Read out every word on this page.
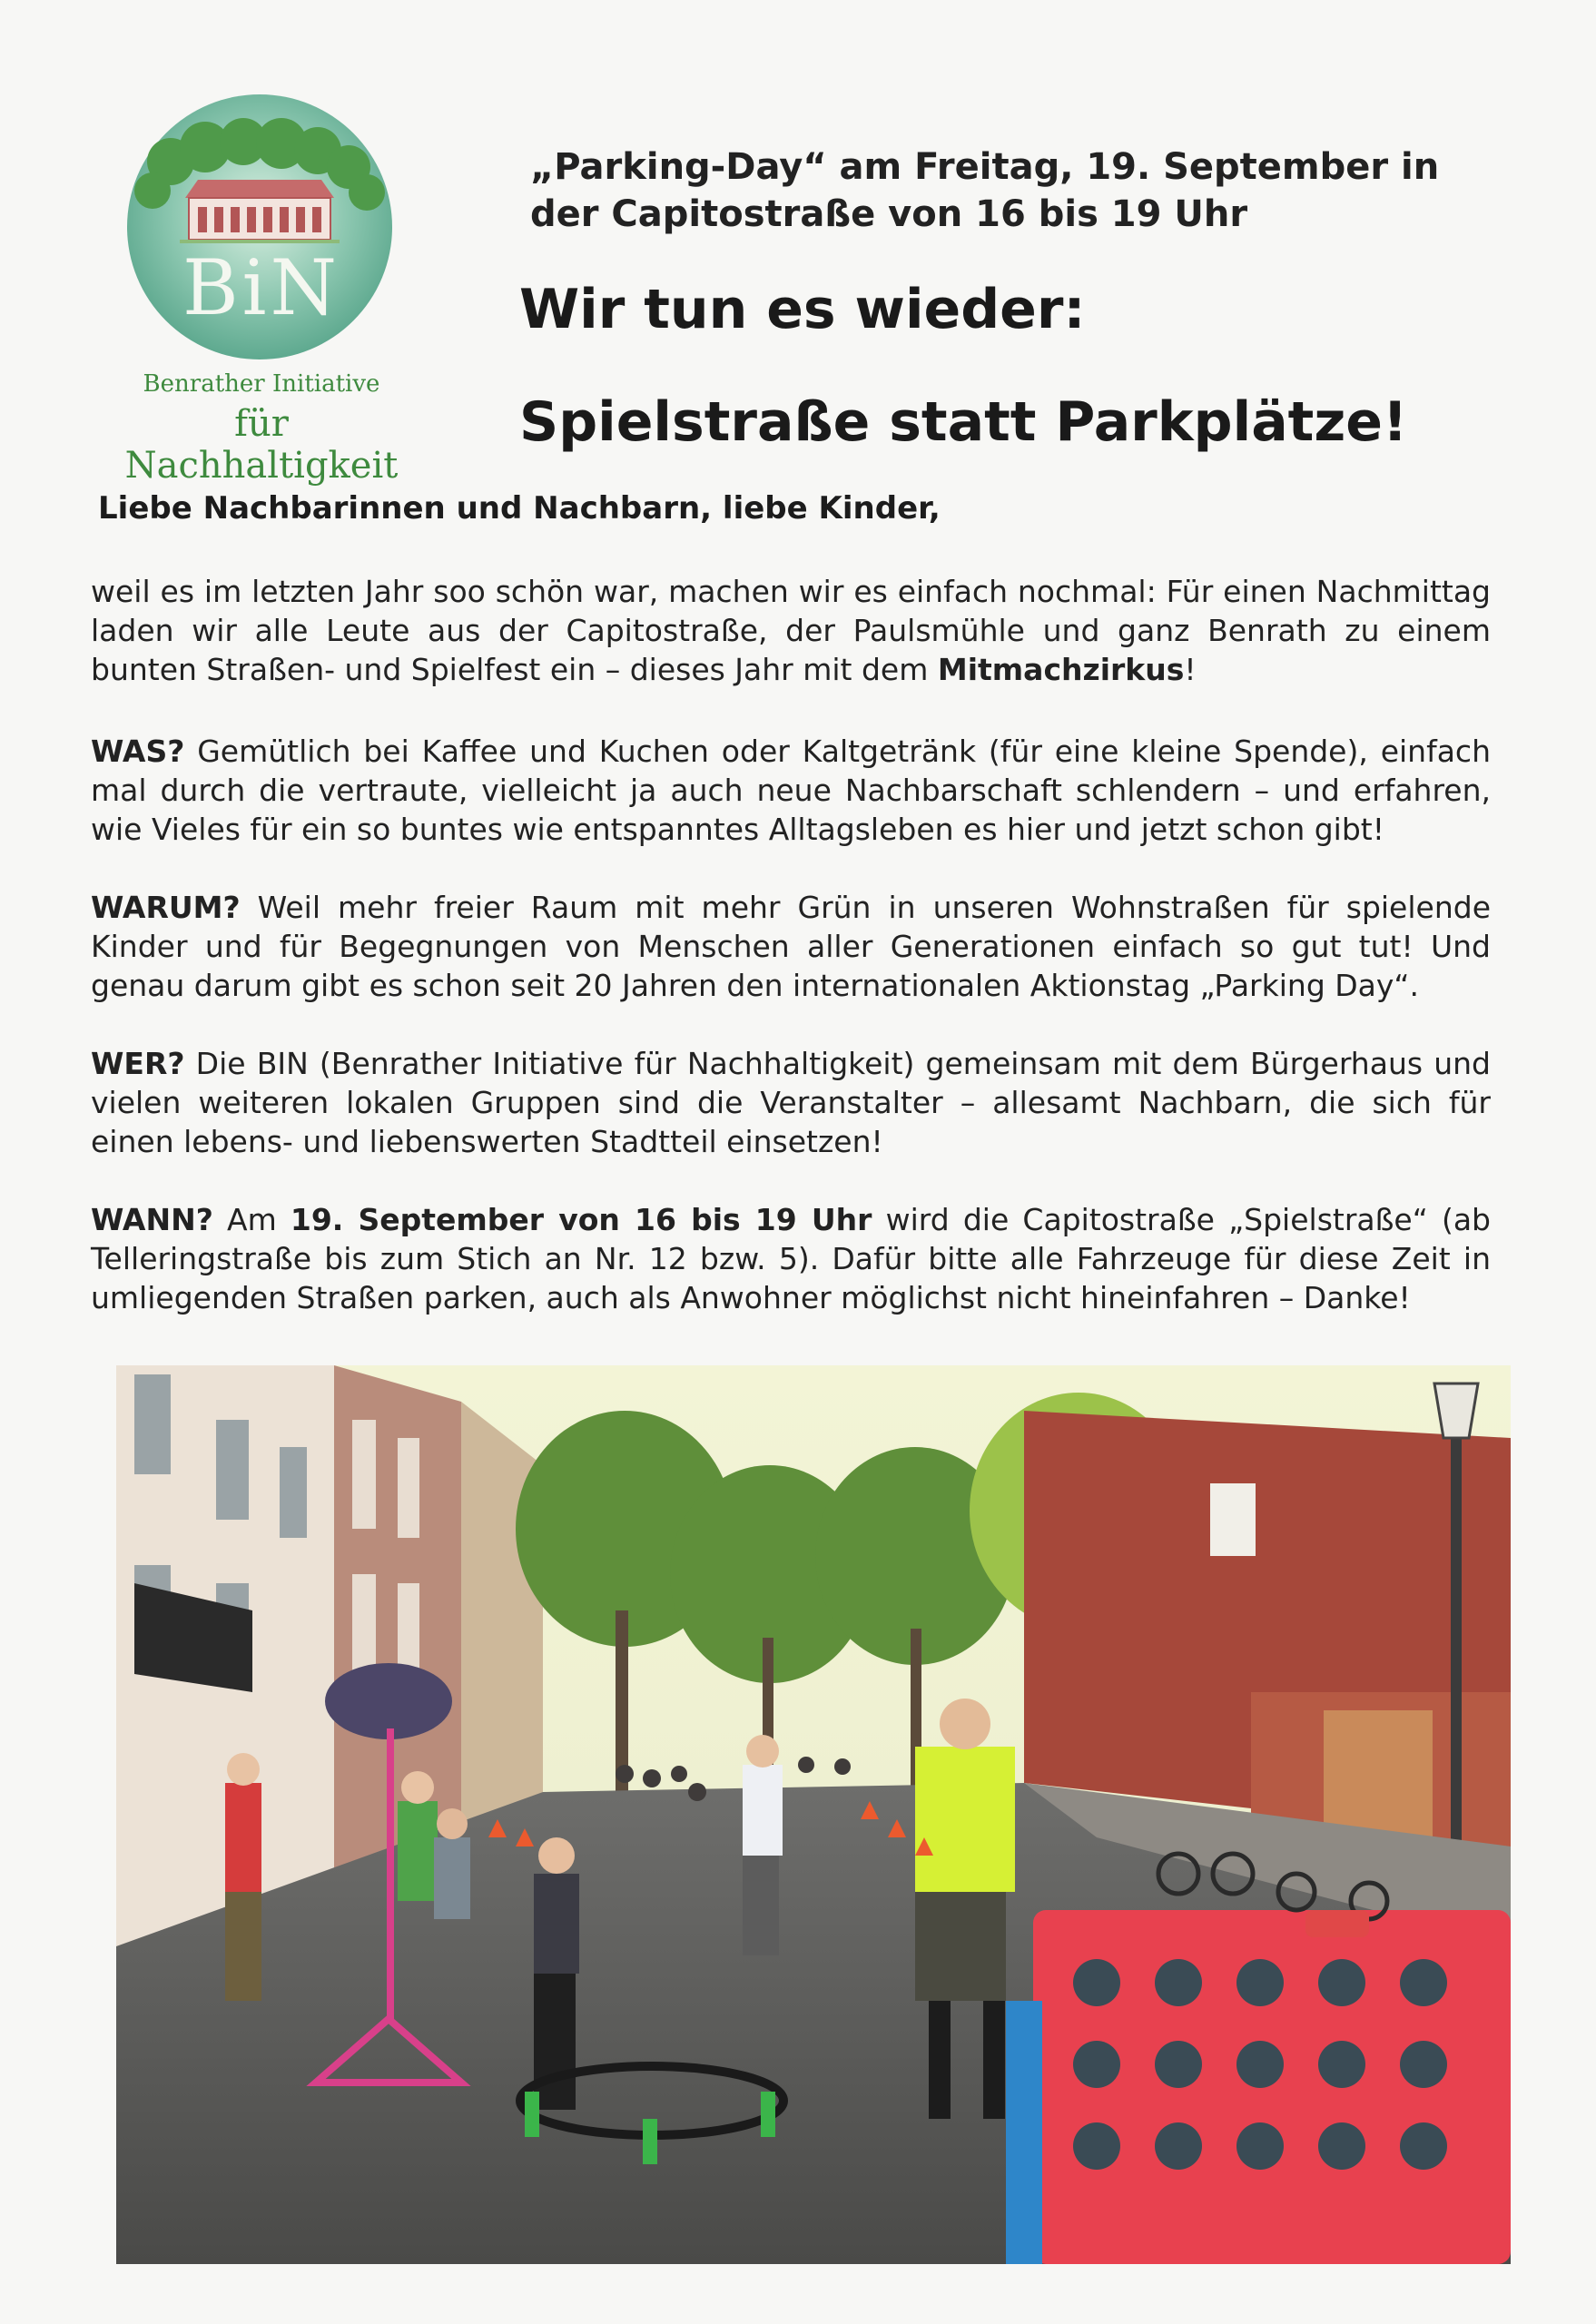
BiN
Benrather Initiative
für Nachhaltigkeit
„Parking-Day“ am Freitag, 19. September in der Capitostraße von 16 bis 19 Uhr
Wir tun es wieder:
Spielstraße statt Parkplätze!
Liebe Nachbarinnen und Nachbarn, liebe Kinder,
weil es im letzten Jahr soo schön war, machen wir es einfach nochmal: Für einen Nachmittag laden wir alle Leute aus der Capitostraße, der Paulsmühle und ganz Benrath zu einem bunten Straßen- und Spielfest ein – dieses Jahr mit dem Mitmachzirkus!
WAS? Gemütlich bei Kaffee und Kuchen oder Kaltgetränk (für eine kleine Spende), einfach mal durch die vertraute, vielleicht ja auch neue Nachbarschaft schlendern – und erfahren, wie Vieles für ein so buntes wie entspanntes Alltagsleben es hier und jetzt schon gibt!
WARUM? Weil mehr freier Raum mit mehr Grün in unseren Wohnstraßen für spielende Kinder und für Begegnungen von Menschen aller Generationen einfach so gut tut! Und genau darum gibt es schon seit 20 Jahren den internationalen Aktionstag „Parking Day“.
WER? Die BIN (Benrather Initiative für Nachhaltigkeit) gemeinsam mit dem Bürgerhaus und vielen weiteren lokalen Gruppen sind die Veranstalter – allesamt Nachbarn, die sich für einen lebens- und liebenswerten Stadtteil einsetzen!
WANN? Am 19. September von 16 bis 19 Uhr wird die Capitostraße „Spielstraße“ (ab Telleringstraße bis zum Stich an Nr. 12 bzw. 5). Dafür bitte alle Fahrzeuge für diese Zeit in umliegenden Straßen parken, auch als Anwohner möglichst nicht hineinfahren – Danke!
